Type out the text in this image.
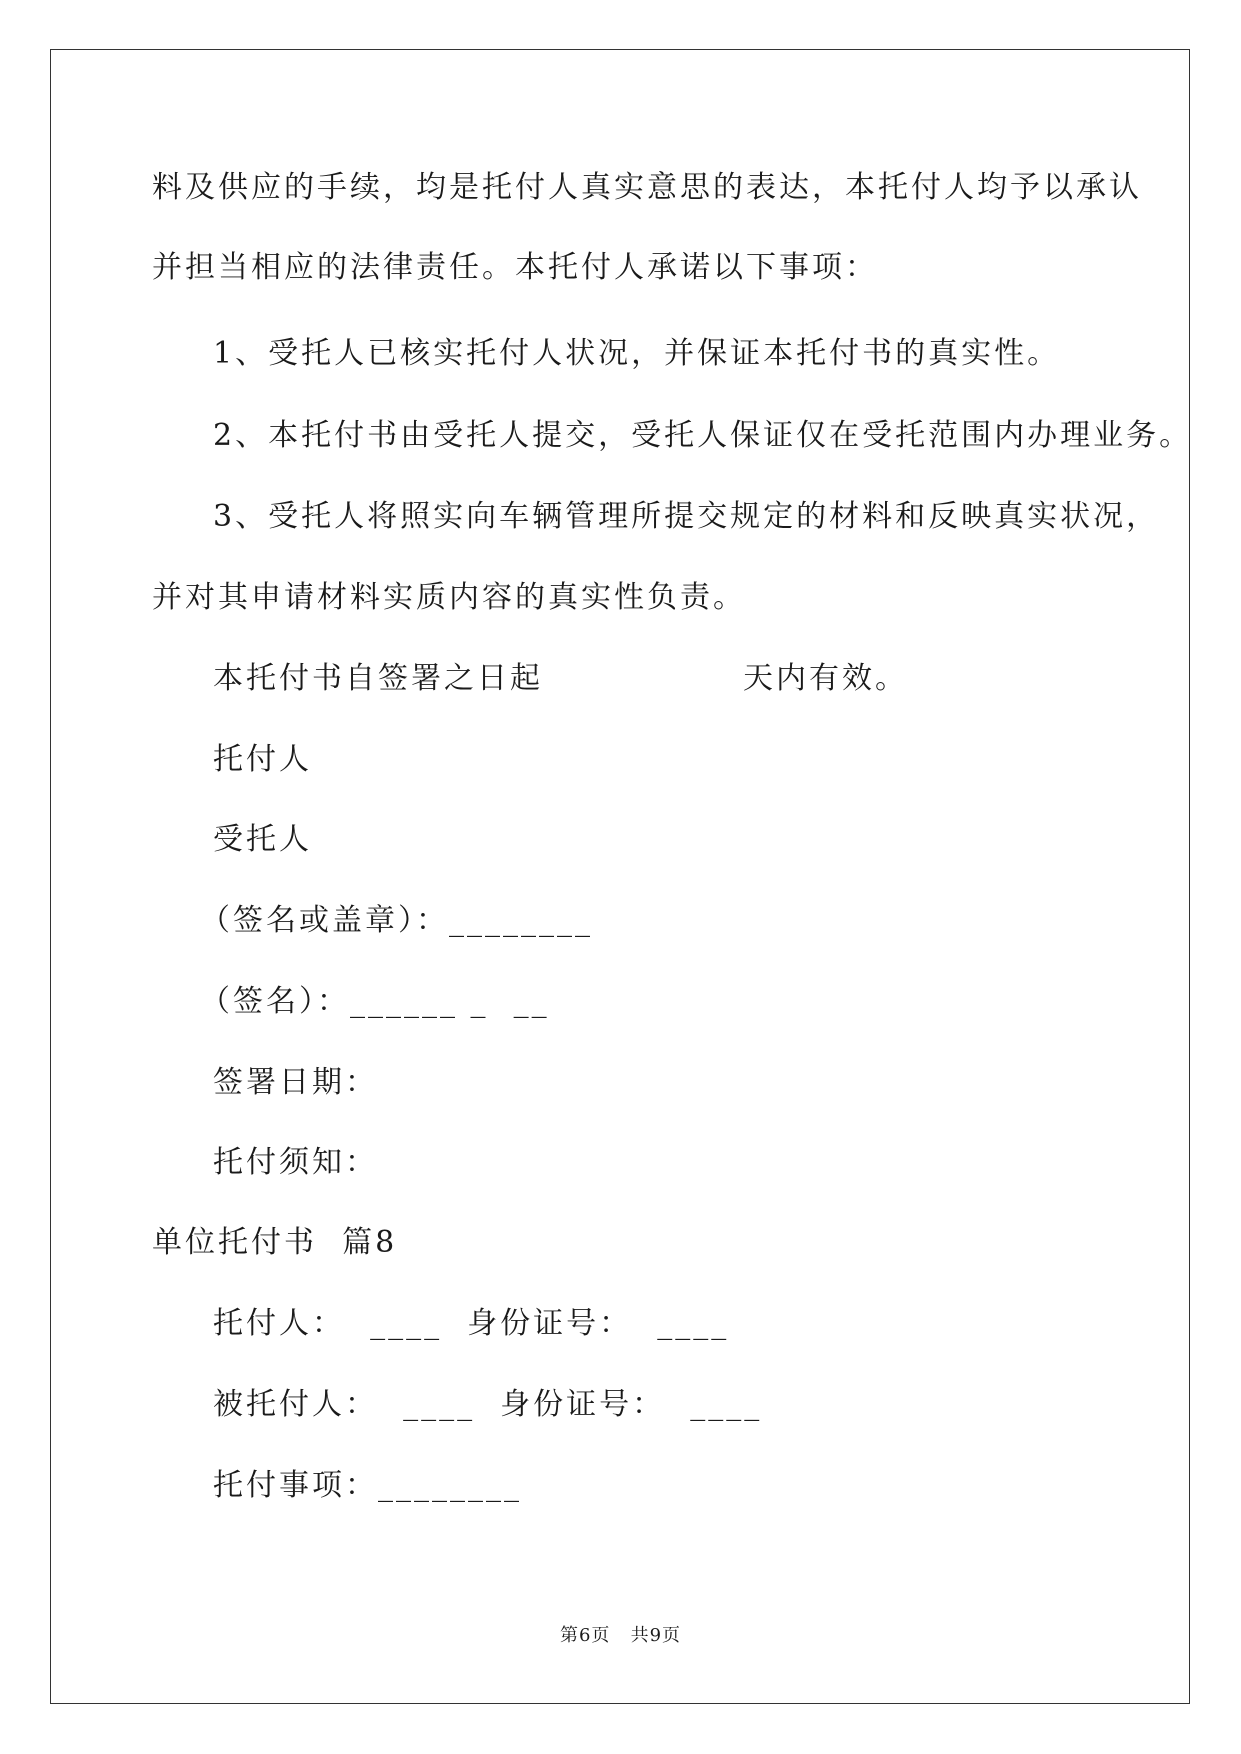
料及供应的手续，均是托付人真实意思的表达，本托付人均予以承认
并担当相应的法律责任。本托付人承诺以下事项：
1、受托人已核实托付人状况，并保证本托付书的真实性。
2、本托付书由受托人提交，受托人保证仅在受托范围内办理业务。
3、受托人将照实向车辆管理所提交规定的材料和反映真实状况，
并对其申请材料实质内容的真实性负责。
本托付书自签署之日起	天内有效。
托付人
受托人
（签名或盖章）：________
（签名）：______ _  __
签署日期：
托付须知：
单位托付书  篇8
托付人：  ____  身份证号：  ____
被托付人：  ____  身份证号：  ____
托付事项：________
第6页   共9页
